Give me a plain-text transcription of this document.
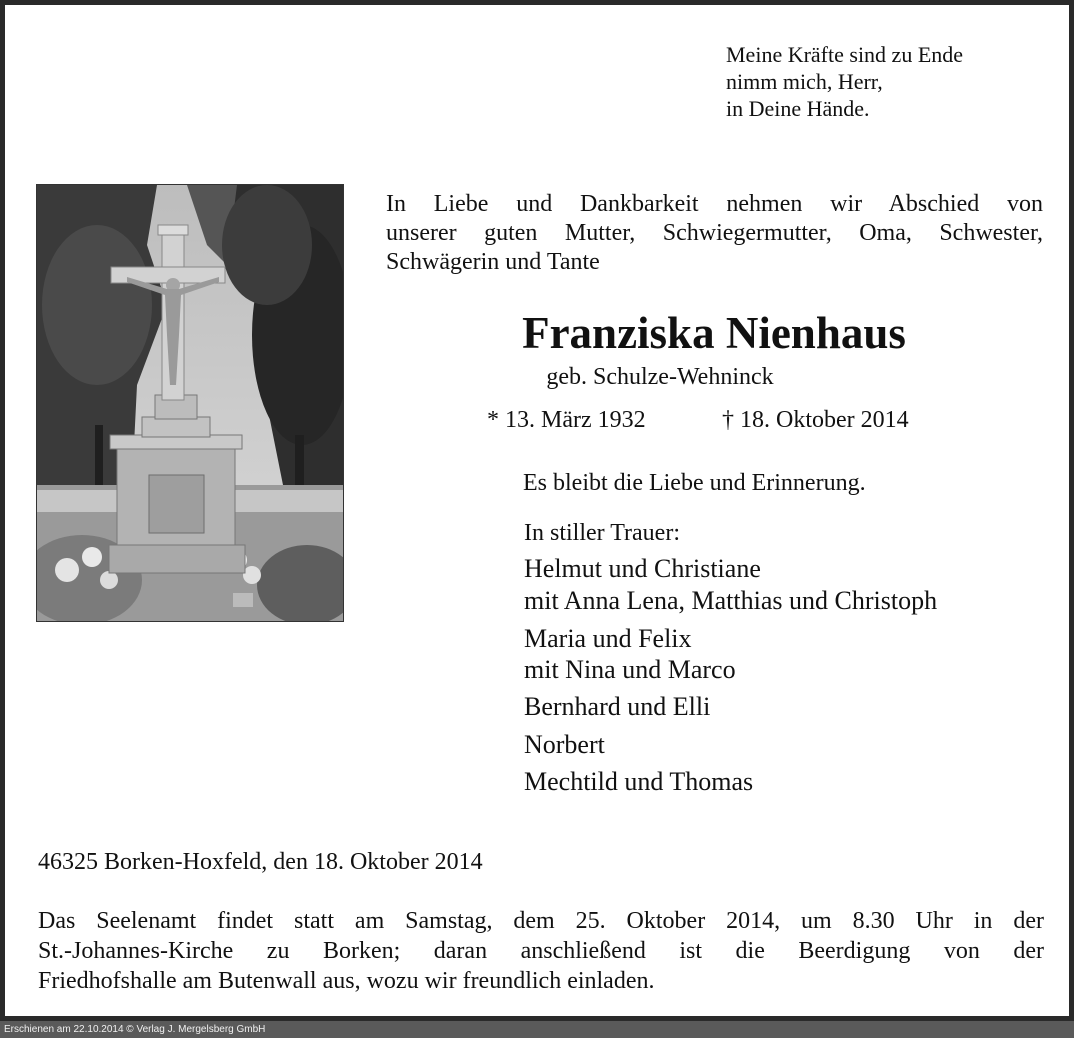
Meine Kräfte sind zu Ende
nimm mich, Herr,
in Deine Hände.
In Liebe und Dankbarkeit nehmen wir Abschied von
unserer guten Mutter, Schwiegermutter, Oma, Schwester,
Schwägerin und Tante
Franziska Nienhaus
geb. Schulze-Wehninck
* 13. März 1932	† 18. Oktober 2014
Es bleibt die Liebe und Erinnerung.
In stiller Trauer:
Helmut und Christiane
mit Anna Lena, Matthias und Christoph
Maria und Felix
mit Nina und Marco
Bernhard und Elli
Norbert
Mechtild und Thomas
46325 Borken-Hoxfeld, den 18. Oktober 2014
Das Seelenamt findet statt am Samstag, dem 25. Oktober 2014, um 8.30 Uhr in der
St.-Johannes-Kirche zu Borken; daran anschließend ist die Beerdigung von der
Friedhofshalle am Butenwall aus, wozu wir freundlich einladen.
Erschienen am 22.10.2014 © Verlag J. Mergelsberg GmbH
